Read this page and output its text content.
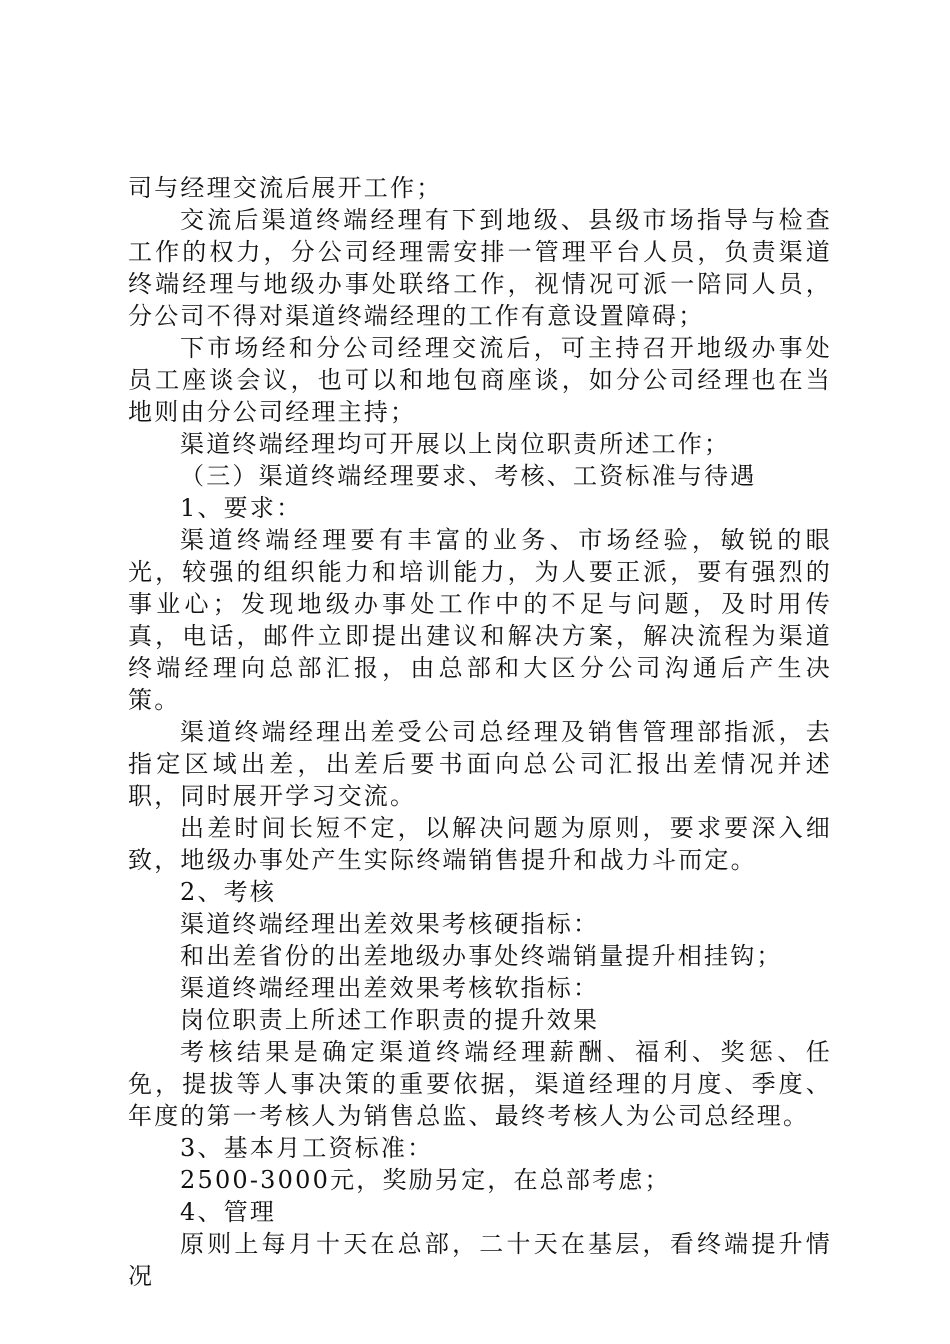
司与经理交流后展开工作；

交流后渠道终端经理有下到地级、县级市场指导与检查工作的权力，分公司经理需安排一管理平台人员，负责渠道终端经理与地级办事处联络工作，视情况可派一陪同人员，分公司不得对渠道终端经理的工作有意设置障碍；

下市场经和分公司经理交流后，可主持召开地级办事处员工座谈会议，也可以和地包商座谈，如分公司经理也在当地则由分公司经理主持；

渠道终端经理均可开展以上岗位职责所述工作；

（三）渠道终端经理要求、考核、工资标准与待遇

1、要求：

渠道终端经理要有丰富的业务、市场经验，敏锐的眼光，较强的组织能力和培训能力，为人要正派，要有强烈的事业心；发现地级办事处工作中的不足与问题，及时用传真，电话，邮件立即提出建议和解决方案，解决流程为渠道终端经理向总部汇报，由总部和大区分公司沟通后产生决策。

渠道终端经理出差受公司总经理及销售管理部指派，去指定区域出差，出差后要书面向总公司汇报出差情况并述职，同时展开学习交流。

出差时间长短不定，以解决问题为原则，要求要深入细致，地级办事处产生实际终端销售提升和战力斗而定。

2、考核

渠道终端经理出差效果考核硬指标：

和出差省份的出差地级办事处终端销量提升相挂钩；

渠道终端经理出差效果考核软指标：

岗位职责上所述工作职责的提升效果

考核结果是确定渠道终端经理薪酬、福利、奖惩、任免，提拔等人事决策的重要依据，渠道经理的月度、季度、年度的第一考核人为销售总监、最终考核人为公司总经理。

3、基本月工资标准：

2500-3000元，奖励另定，在总部考虑；

4、管理

原则上每月十天在总部，二十天在基层，看终端提升情况
